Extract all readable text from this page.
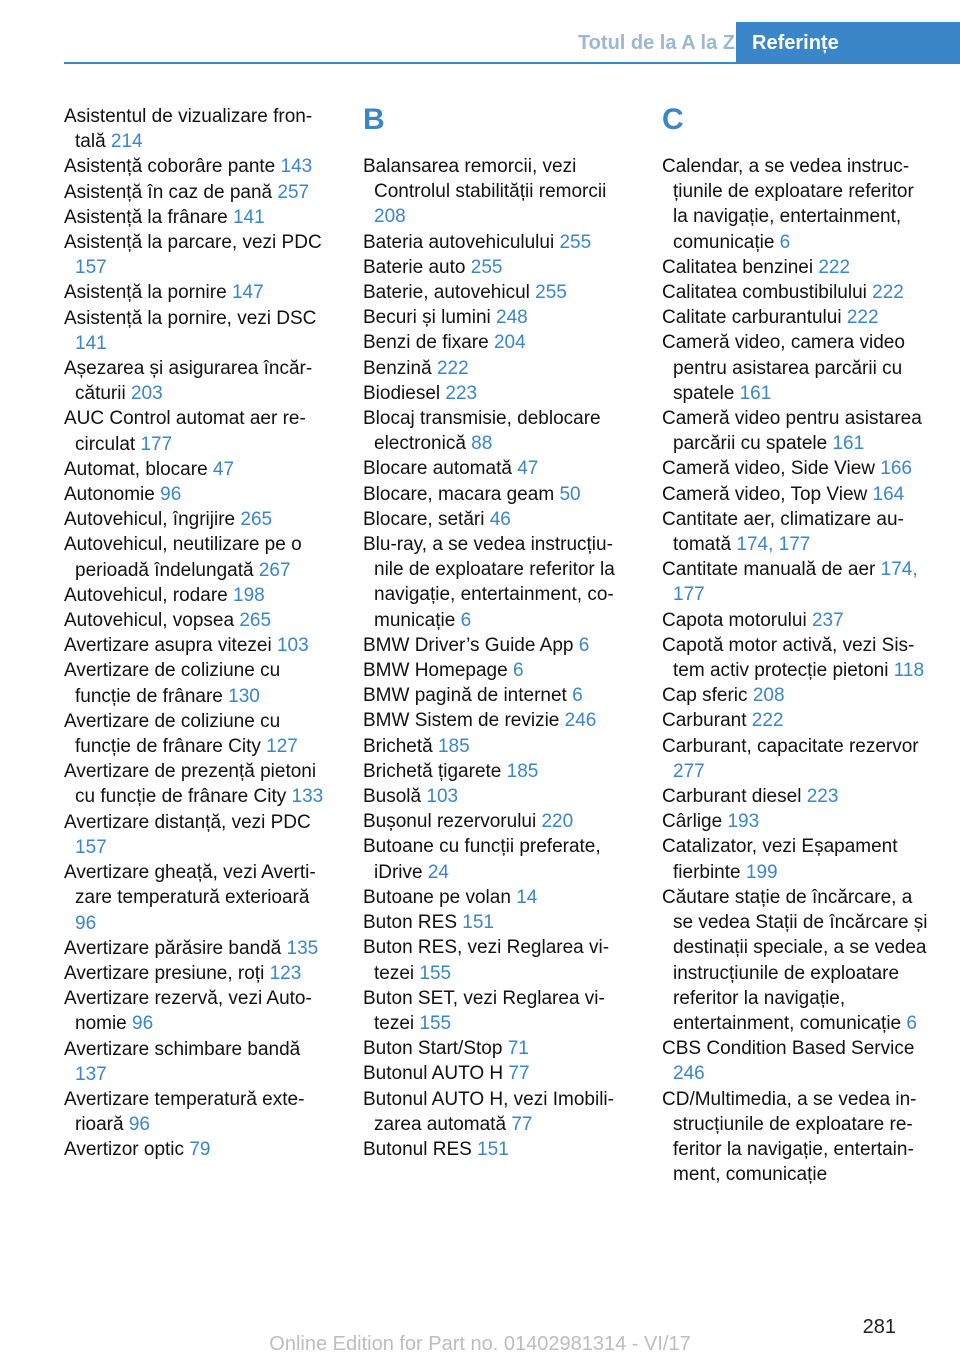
Totul de la A la Z Referințe
Asistentul de vizualizare frontală 214
Asistență coborâre pante 143
Asistență în caz de pană 257
Asistență la frânare 141
Asistență la parcare, vezi PDC 157
Asistență la pornire 147
Asistență la pornire, vezi DSC 141
Așezarea și asigurarea încărcăturii 203
AUC Control automat aer recirculat 177
Automat, blocare 47
Autonomie 96
Autovehicul, îngrijire 265
Autovehicul, neutilizare pe o perioadă îndelungată 267
Autovehicul, rodare 198
Autovehicul, vopsea 265
Avertizare asupra vitezei 103
Avertizare de coliziune cu funcție de frânare 130
Avertizare de coliziune cu funcție de frânare City 127
Avertizare de prezență pietoni cu funcție de frânare City 133
Avertizare distanță, vezi PDC 157
Avertizare gheață, vezi Avertizare temperatură exterioară 96
Avertizare părăsire bandă 135
Avertizare presiune, roți 123
Avertizare rezervă, vezi Autonomie 96
Avertizare schimbare bandă 137
Avertizare temperatură exterioară 96
Avertizor optic 79
B
Balansarea remorcii, vezi Controlul stabilității remorcii 208
Bateria autovehiculului 255
Baterie auto 255
Baterie, autovehicul 255
Becuri și lumini 248
Benzi de fixare 204
Benzină 222
Biodiesel 223
Blocaj transmisie, deblocare electronică 88
Blocare automată 47
Blocare, macara geam 50
Blocare, setări 46
Blu-ray, a se vedea instrucțiunile de exploatare referitor la navigație, entertainment, comunicație 6
BMW Driver’s Guide App 6
BMW Homepage 6
BMW pagină de internet 6
BMW Sistem de revizie 246
Brichetă 185
Brichetă țigarete 185
Busolă 103
Bușonul rezervorului 220
Butoane cu funcții preferate, iDrive 24
Butoane pe volan 14
Buton RES 151
Buton RES, vezi Reglarea vitezei 155
Buton SET, vezi Reglarea vitezei 155
Buton Start/Stop 71
Butonul AUTO H 77
Butonul AUTO H, vezi Imobilizarea automată 77
Butonul RES 151
C
Calendar, a se vedea instrucțiunile de exploatare referitor la navigație, entertainment, comunicație 6
Calitatea benzinei 222
Calitatea combustibilului 222
Calitate carburantului 222
Cameră video, camera video pentru asistarea parcării cu spatele 161
Cameră video pentru asistarea parcării cu spatele 161
Cameră video, Side View 166
Cameră video, Top View 164
Cantitate aer, climatizare automată 174, 177
Cantitate manuală de aer 174, 177
Capota motorului 237
Capotă motor activă, vezi Sistem activ protecție pietoni 118
Cap sferic 208
Carburant 222
Carburant, capacitate rezervor 277
Carburant diesel 223
Cârlige 193
Catalizator, vezi Eșapament fierbinte 199
Căutare stație de încărcare, a se vedea Stații de încărcare și destinații speciale, a se vedea instrucțiunile de exploatare referitor la navigație, entertainment, comunicație 6
CBS Condition Based Service 246
CD/Multimedia, a se vedea instrucțiunile de exploatare referitor la navigație, entertainment, comunicație
281
Online Edition for Part no. 01402981314 - VI/17
